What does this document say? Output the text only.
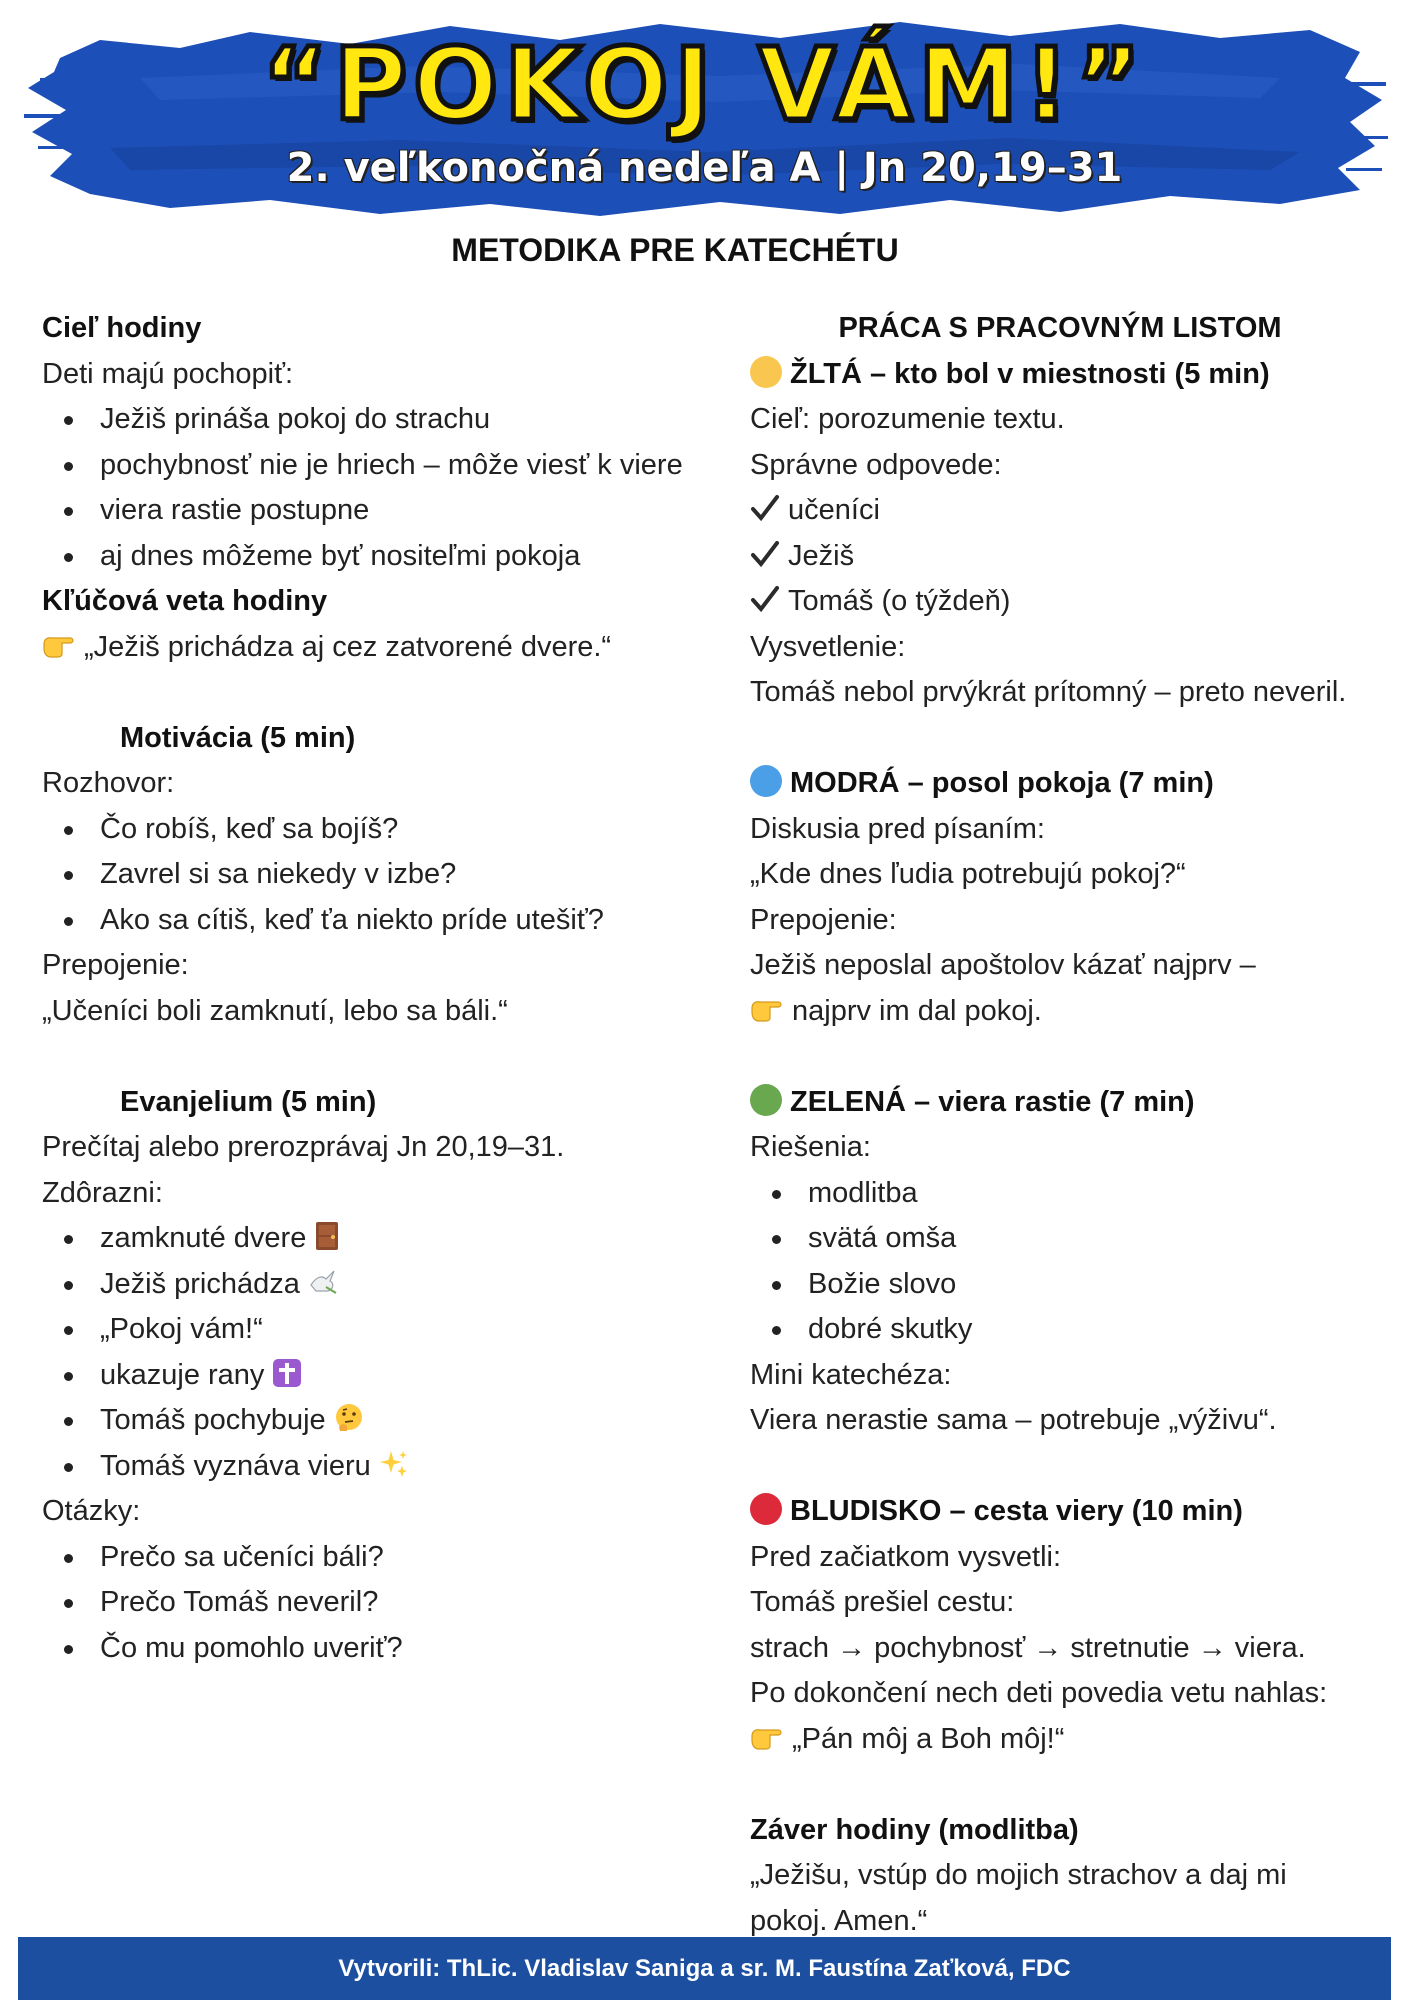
“POKOJ VÁM!”
2. veľkonočná nedeľa A | Jn 20,19–31
METODIKA PRE KATECHÉTU
Cieľ hodiny
Deti majú pochopiť:
Ježiš prináša pokoj do strachu
pochybnosť nie je hriech – môže viesť k viere
viera rastie postupne
aj dnes môžeme byť nositeľmi pokoja
Kľúčová veta hodiny
„Ježiš prichádza aj cez zatvorené dvere.“
Motivácia (5 min)
Rozhovor:
Čo robíš, keď sa bojíš?
Zavrel si sa niekedy v izbe?
Ako sa cítiš, keď ťa niekto príde utešiť?
Prepojenie:
„Učeníci boli zamknutí, lebo sa báli.“
Evanjelium (5 min)
Prečítaj alebo prerozprávaj Jn 20,19–31.
Zdôrazni:
zamknuté dvere
Ježiš prichádza
„Pokoj vám!“
ukazuje rany
Tomáš pochybuje
Tomáš vyznáva vieru
Otázky:
Prečo sa učeníci báli?
Prečo Tomáš neveril?
Čo mu pomohlo uveriť?
PRÁCA S PRACOVNÝM LISTOM
ŽLTÁ – kto bol v miestnosti (5 min)
Cieľ: porozumenie textu.
Správne odpovede:
učeníci
Ježiš
Tomáš (o týždeň)
Vysvetlenie:
Tomáš nebol prvýkrát prítomný – preto neveril.
MODRÁ – posol pokoja (7 min)
Diskusia pred písaním:
„Kde dnes ľudia potrebujú pokoj?“
Prepojenie:
Ježiš neposlal apoštolov kázať najprv –
najprv im dal pokoj.
ZELENÁ – viera rastie (7 min)
Riešenia:
modlitba
svätá omša
Božie slovo
dobré skutky
Mini katechéza:
Viera nerastie sama – potrebuje „výživu“.
BLUDISKO – cesta viery (10 min)
Pred začiatkom vysvetli:
Tomáš prešiel cestu:
strach → pochybnosť → stretnutie → viera.
Po dokončení nech deti povedia vetu nahlas:
„Pán môj a Boh môj!“
Záver hodiny (modlitba)
„Ježišu, vstúp do mojich strachov a daj mi pokoj. Amen.“
Vytvorili: ThLic. Vladislav Saniga a sr. M. Faustína Zaťková, FDC
